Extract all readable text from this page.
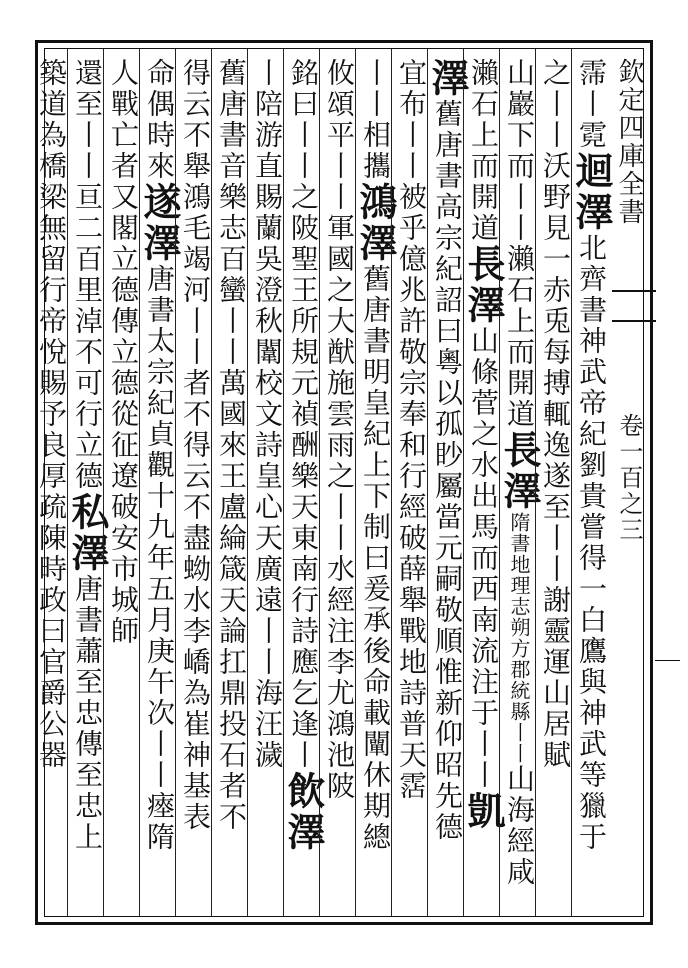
欽定四庫全書
卷一百之三
霈丨霓迴澤北齊書神武帝紀劉貴嘗得一白鷹與神武等獵于
之丨丨沃野見一赤兎每搏輒逸遂至丨丨謝靈運山居賦
山巖下而丨丨瀨石上而開道長澤隋書地理志朔方郡統縣丨丨山海經咸
瀨石上而開道長澤山條菅之水出馬而西南流注于丨丨凱
澤舊唐書高宗紀詔曰粵以孤眇屬當元嗣敬順惟新仰昭先德
宜布丨丨被乎億兆許敬宗奉和行經破薛舉戰地詩普天霑
丨丨相攜鴻澤舊唐書明皇紀上下制曰爰承後命載闡休期總
攸頌平丨丨軍國之大猷施雲雨之丨丨水經注李尤鴻池陂
銘曰丨丨之陂聖王所規元禎酬樂天東南行詩應乞逢丨飲澤
丨陪游直賜蘭吳澄秋闈校文詩皇心天廣遠丨丨海汪濊
舊唐書音樂志百蠻丨丨萬國來王盧綸箴天論扛鼎投石者不
得云不舉鴻毛竭河丨丨者不得云不盡蚴水李嶠為崔神基表
命偶時來遂澤唐書太宗紀貞觀十九年五月庚午次丨丨瘞隋
人戰亡者又閣立德傳立德從征遼破安市城師
還至丨丨亘二百里淖不可行立德私澤唐書蕭至忠傳至忠上
築道為橋梁無留行帝悅賜予良厚疏陳時政曰官爵公器
